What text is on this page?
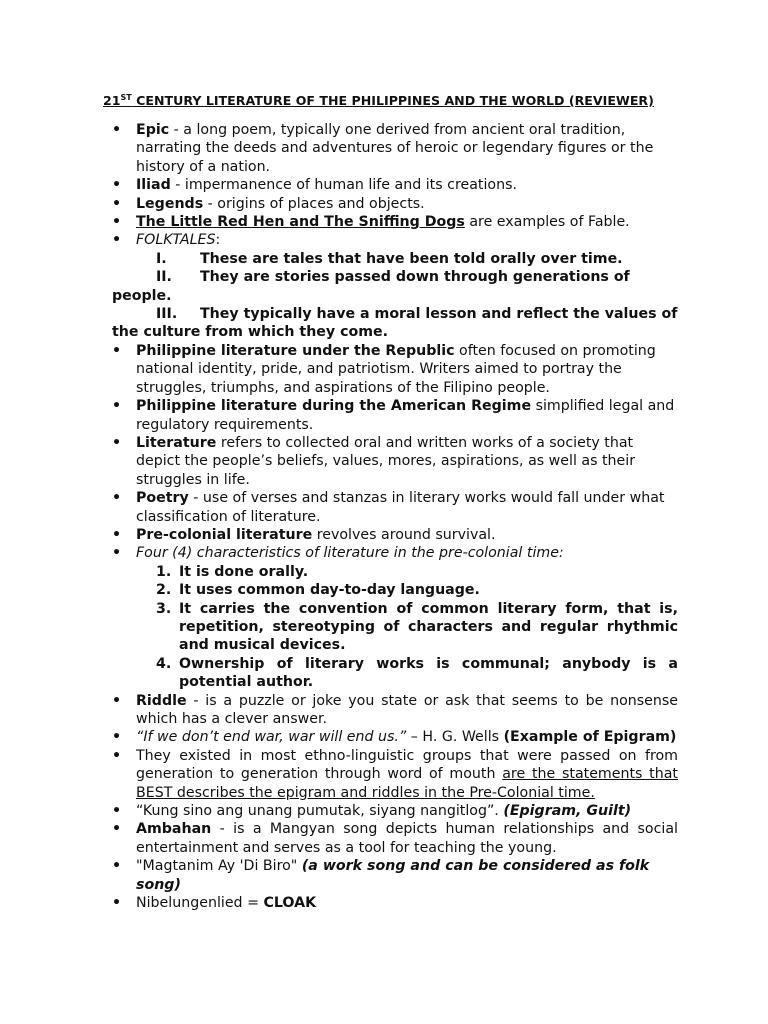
21ST CENTURY LITERATURE OF THE PHILIPPINES AND THE WORLD (REVIEWER)
• Epic - a long poem, typically one derived from ancient oral tradition, narrating the deeds and adventures of heroic or legendary figures or the history of a nation.
• Iliad - impermanence of human life and its creations.
• Legends - origins of places and objects.
• The Little Red Hen and The Sniffing Dogs are examples of Fable.
• FOLKTALES:
I. These are tales that have been told orally over time.
II. They are stories passed down through generations of people.
III. They typically have a moral lesson and reflect the values of the culture from which they come.
• Philippine literature under the Republic often focused on promoting national identity, pride, and patriotism. Writers aimed to portray the struggles, triumphs, and aspirations of the Filipino people.
• Philippine literature during the American Regime simplified legal and regulatory requirements.
• Literature refers to collected oral and written works of a society that depict the people’s beliefs, values, mores, aspirations, as well as their struggles in life.
• Poetry - use of verses and stanzas in literary works would fall under what classification of literature.
• Pre-colonial literature revolves around survival.
• Four (4) characteristics of literature in the pre-colonial time:
1. It is done orally.
2. It uses common day-to-day language.
3. It carries the convention of common literary form, that is, repetition, stereotyping of characters and regular rhythmic and musical devices.
4. Ownership of literary works is communal; anybody is a potential author.
• Riddle - is a puzzle or joke you state or ask that seems to be nonsense which has a clever answer.
• “If we don’t end war, war will end us.” – H. G. Wells (Example of Epigram)
• They existed in most ethno-linguistic groups that were passed on from generation to generation through word of mouth are the statements that BEST describes the epigram and riddles in the Pre-Colonial time.
• “Kung sino ang unang pumutak, siyang nangitlog”. (Epigram, Guilt)
• Ambahan - is a Mangyan song depicts human relationships and social entertainment and serves as a tool for teaching the young.
• "Magtanim Ay 'Di Biro" (a work song and can be considered as folk song)
• Nibelungenlied = CLOAK
